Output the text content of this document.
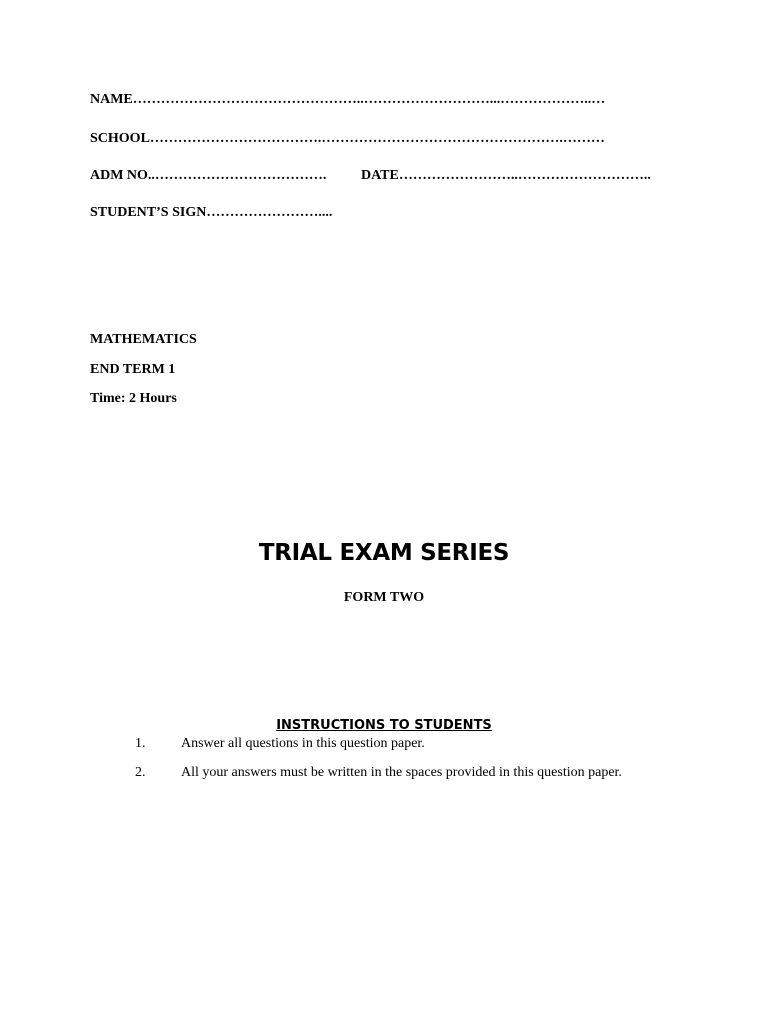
NAME…………………………………………..………………………...………………..…
SCHOOL……………………………….…………………………………………….………
ADM NO..………………………………. DATE……………………..………………………..
STUDENT’S SIGN……………………....
MATHEMATICS
END TERM 1
Time: 2 Hours
TRIAL EXAM SERIES
FORM TWO
INSTRUCTIONS TO STUDENTS
1.	Answer all questions in this question paper.
2.	All your answers must be written in the spaces provided in this question paper.
